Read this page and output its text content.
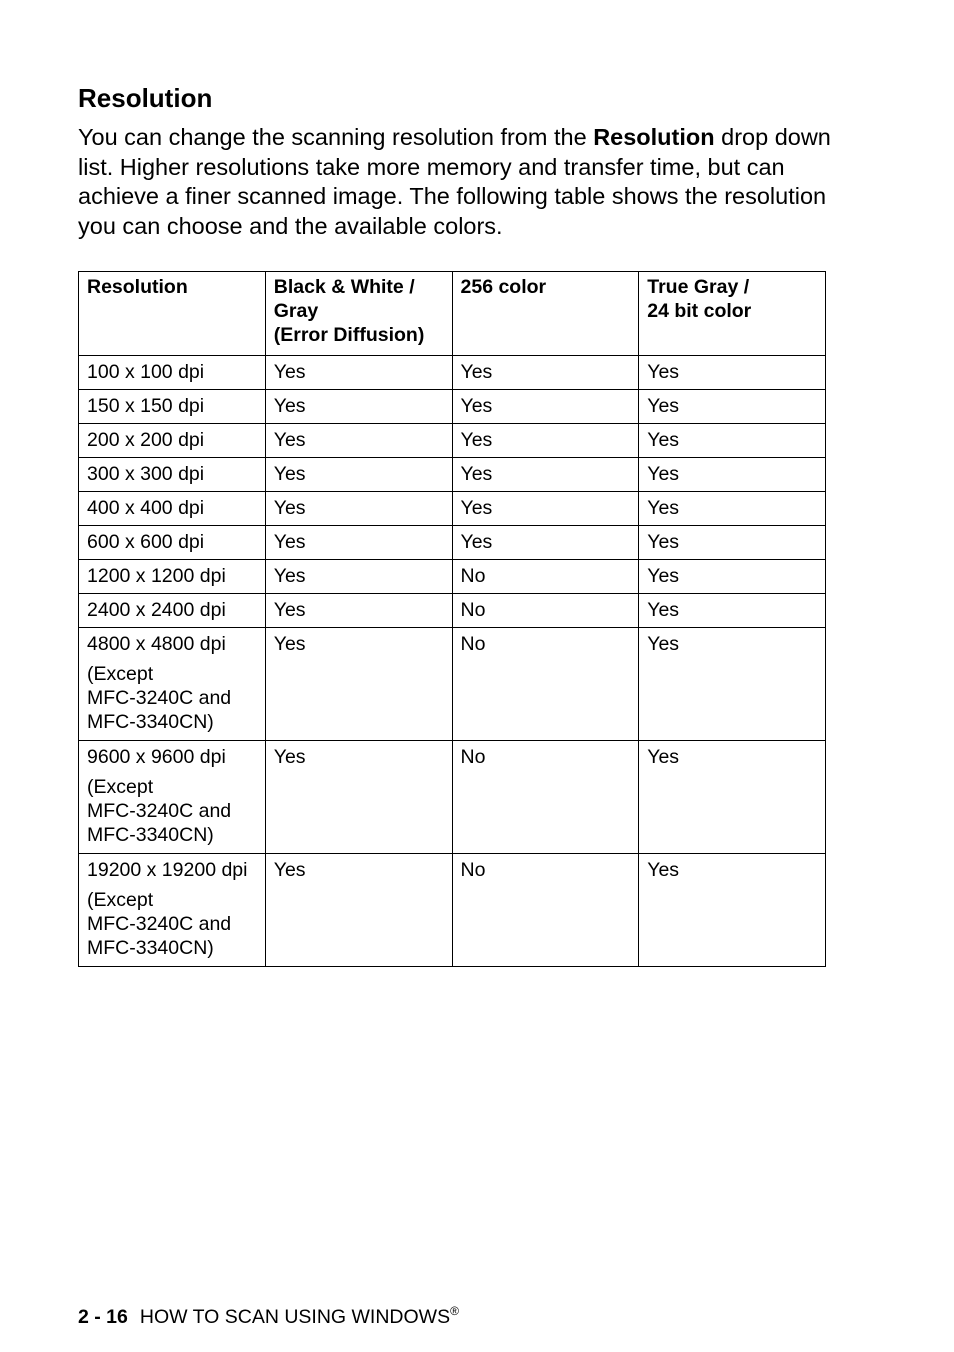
Resolution

You can change the scanning resolution from the Resolution drop down list. Higher resolutions take more memory and transfer time, but can achieve a finer scanned image. The following table shows the resolution you can choose and the available colors.

Resolution	Black & White /
Gray
(Error Diffusion)	256 color	True Gray /
24 bit color

100 x 100 dpi	Yes	Yes	Yes

150 x 150 dpi	Yes	Yes	Yes

200 x 200 dpi	Yes	Yes	Yes

300 x 300 dpi	Yes	Yes	Yes

400 x 400 dpi	Yes	Yes	Yes

600 x 600 dpi	Yes	Yes	Yes

1200 x 1200 dpi	Yes	No	Yes

2400 x 2400 dpi	Yes	No	Yes

4800 x 4800 dpi
(Except
MFC-3240C and
MFC-3340CN)	Yes	No	Yes

9600 x 9600 dpi
(Except
MFC-3240C and
MFC-3340CN)	Yes	No	Yes

19200 x 19200 dpi
(Except
MFC-3240C and
MFC-3340CN)	Yes	No	Yes
2 - 16 HOW TO SCAN USING WINDOWS®
